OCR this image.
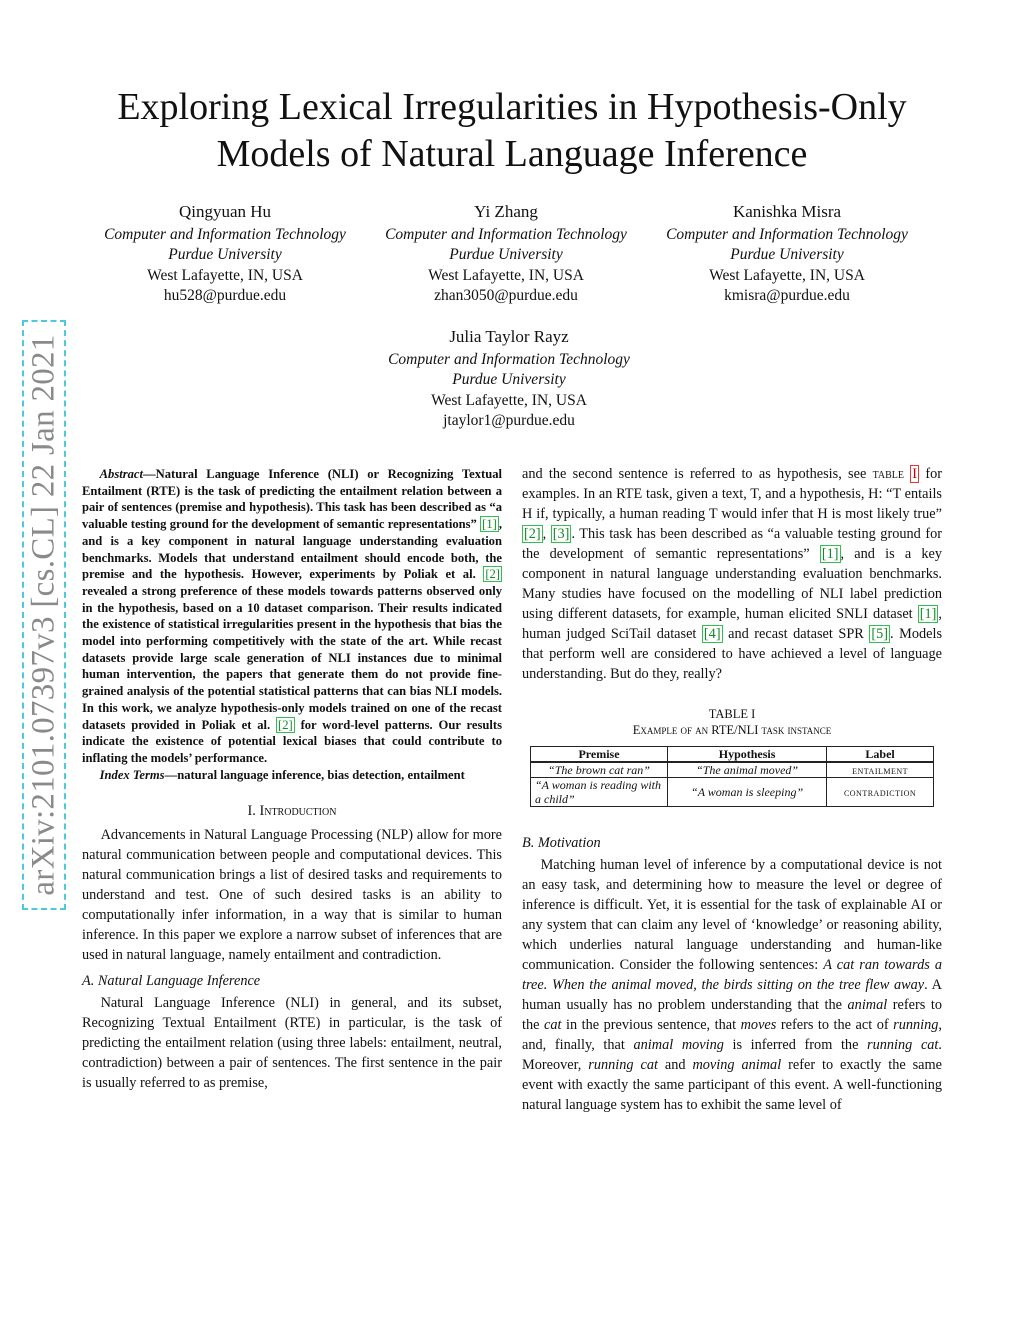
arXiv:2101.07397v3 [cs.CL] 22 Jan 2021
Exploring Lexical Irregularities in Hypothesis-Only
Models of Natural Language Inference
Qingyuan Hu
Computer and Information Technology
Purdue University
West Lafayette, IN, USA
hu528@purdue.edu
Yi Zhang
Computer and Information Technology
Purdue University
West Lafayette, IN, USA
zhan3050@purdue.edu
Kanishka Misra
Computer and Information Technology
Purdue University
West Lafayette, IN, USA
kmisra@purdue.edu
Julia Taylor Rayz
Computer and Information Technology
Purdue University
West Lafayette, IN, USA
jtaylor1@purdue.edu

Abstract—Natural Language Inference (NLI) or Recognizing Textual Entailment (RTE) is the task of predicting the entailment relation between a pair of sentences (premise and hypothesis). This task has been described as “a valuable testing ground for the development of semantic representations” [1] , and is a key component in natural language understanding evaluation benchmarks. Models that understand entailment should encode both, the premise and the hypothesis. However, experiments by Poliak et al. [2] revealed a strong preference of these models towards patterns observed only in the hypothesis, based on a 10 dataset comparison. Their results indicated the existence of statistical irregularities present in the hypothesis that bias the model into performing competitively with the state of the art. While recast datasets provide large scale generation of NLI instances due to minimal human intervention, the papers that generate them do not provide fine-grained analysis of the potential statistical patterns that can bias NLI models. In this work, we analyze hypothesis-only models trained on one of the recast datasets provided in Poliak et al. [2] for word-level patterns. Our results indicate the existence of potential lexical biases that could contribute to inflating the models’ performance.

Index Terms—natural language inference, bias detection, entailment

I. Introduction

Advancements in Natural Language Processing (NLP) allow for more natural communication between people and computational devices. This natural communication brings a list of desired tasks and requirements to understand and test. One of such desired tasks is an ability to computationally infer information, in a way that is similar to human inference. In this paper we explore a narrow subset of inferences that are used in natural language, namely entailment and contradiction.

A. Natural Language Inference

Natural Language Inference (NLI) in general, and its subset, Recognizing Textual Entailment (RTE) in particular, is the task of predicting the entailment relation (using three labels: entailment, neutral, contradiction) between a pair of sentences. The first sentence in the pair is usually referred to as premise,

and the second sentence is referred to as hypothesis, see table I for examples. In an RTE task, given a text, T, and a hypothesis, H: “T entails H if, typically, a human reading T would infer that H is most likely true” [2] , [3] . This task has been described as “a valuable testing ground for the development of semantic representations” [1] , and is a key component in natural language understanding evaluation benchmarks. Many studies have focused on the modelling of NLI label prediction using different datasets, for example, human elicited SNLI dataset [1] , human judged SciTail dataset [4] and recast dataset SPR [5] . Models that perform well are considered to have achieved a level of language understanding. But do they, really?

TABLE I
Example of an RTE/NLI task instance
Premise	Hypothesis	Label
“The brown cat ran”	“The animal moved”	entailment
“A woman is reading with a child”	“A woman is sleeping”	contradiction
B. Motivation

Matching human level of inference by a computational device is not an easy task, and determining how to measure the level or degree of inference is difficult. Yet, it is essential for the task of explainable AI or any system that can claim any level of ‘knowledge’ or reasoning ability, which underlies natural language understanding and human-like communication. Consider the following sentences: A cat ran towards a tree. When the animal moved, the birds sitting on the tree flew away. A human usually has no problem understanding that the animal refers to the cat in the previous sentence, that moves refers to the act of running, and, finally, that animal moving is inferred from the running cat. Moreover, running cat and moving animal refer to exactly the same event with exactly the same participant of this event. A well-functioning natural language system has to exhibit the same level of
